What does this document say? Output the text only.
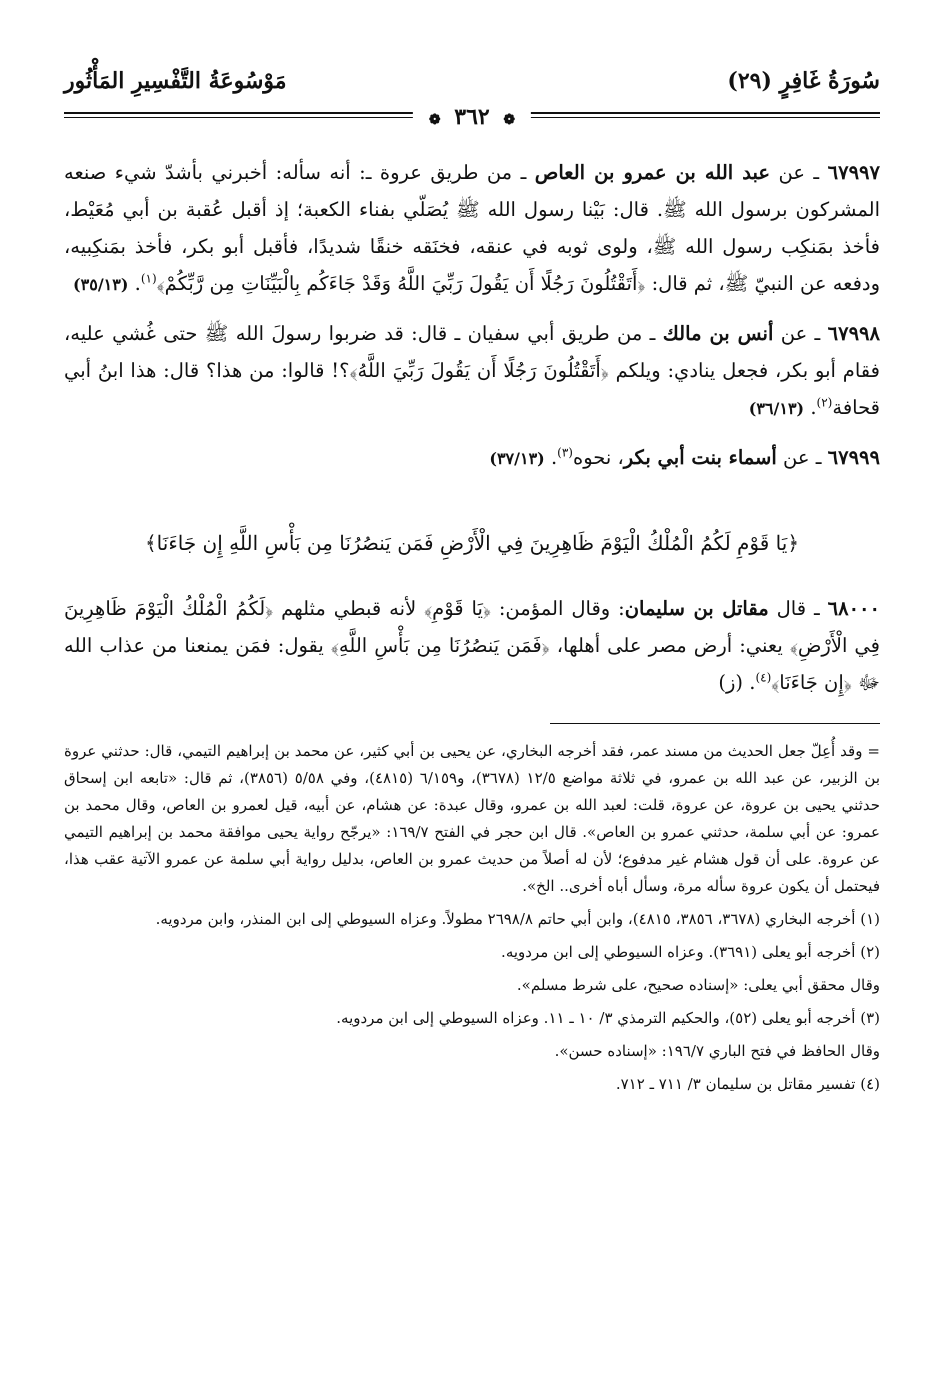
سُورَةُ غَافِرٍ (٢٩)
مَوْسُوعَةُ التَّفْسِيرِ المَأْثُور
❁ ٣٦٢ ❁

٦٧٩٩٧ ـ عن عبد الله بن عمرو بن العاص ـ من طريق عروة ـ: أنه سأله: أخبرني بأشدّ شيء صنعه المشركون برسول الله ﷺ. قال: بَيْنا رسول الله ﷺ يُصَلّي بفناء الكعبة؛ إذ أقبل عُقبة بن أبي مُعَيْط، فأخذ بمَنكِب رسول الله ﷺ، ولوى ثوبه في عنقه، فخنَقه خنقًا شديدًا، فأقبل أبو بكر، فأخذ بمَنكِبيه، ودفعه عن النبيّ ﷺ، ثم قال: ﴿أَتَقْتُلُونَ رَجُلًا أَن يَقُولَ رَبِّيَ اللَّهُ وَقَدْ جَاءَكُم بِالْبَيِّنَاتِ مِن رَّبِّكُمْ﴾$^{(١)}$. (٣٥/١٣)

٦٧٩٩٨ ـ عن أنس بن مالك ـ من طريق أبي سفيان ـ قال: قد ضربوا رسولَ الله ﷺ حتى غُشي عليه، فقام أبو بكر، فجعل ينادي: ويلكم ﴿أَتَقْتُلُونَ رَجُلًا أَن يَقُولَ رَبِّيَ اللَّهُ﴾؟! قالوا: من هذا؟ قال: هذا ابنُ أبي قحافة$^{(٢)}$. (٣٦/١٣)

٦٧٩٩٩ ـ عن أسماء بنت أبي بكر، نحوه$^{(٣)}$. (٣٧/١٣)

﴿يَا قَوْمِ لَكُمُ الْمُلْكُ الْيَوْمَ ظَاهِرِينَ فِي الْأَرْضِ فَمَن يَنصُرُنَا مِن بَأْسِ اللَّهِ إِن جَاءَنَا﴾

٦٨٠٠٠ ـ قال مقاتل بن سليمان: وقال المؤمن: ﴿يَا قَوْمِ﴾ لأنه قبطي مثلهم ﴿لَكُمُ الْمُلْكُ الْيَوْمَ ظَاهِرِينَ فِي الْأَرْضِ﴾ يعني: أرض مصر على أهلها، ﴿فَمَن يَنصُرُنَا مِن بَأْسِ اللَّهِ﴾ يقول: فمَن يمنعنا من عذاب الله ﷻ ﴿إِن جَاءَنَا﴾$^{(٤)}$. (ز)

= وقد أُعِلّ جعل الحديث من مسند عمر، فقد أخرجه البخاري، عن يحيى بن أبي كثير، عن محمد بن إبراهيم التيمي، قال: حدثني عروة بن الزبير، عن عبد الله بن عمرو، في ثلاثة مواضع ١٢/٥ (٣٦٧٨)، و٦/١٥٩ (٤٨١٥)، وفي ٥/٥٨ (٣٨٥٦)، ثم قال: «تابعه ابن إسحاق حدثني يحيى بن عروة، عن عروة، قلت: لعبد الله بن عمرو، وقال عبدة: عن هشام، عن أبيه، قيل لعمرو بن العاص، وقال محمد بن عمرو: عن أبي سلمة، حدثني عمرو بن العاص». قال ابن حجر في الفتح ١٦٩/٧: «يرجّح رواية يحيى موافقة محمد بن إبراهيم التيمي عن عروة. على أن قول هشام غير مدفوع؛ لأن له أصلاً من حديث عمرو بن العاص، بدليل رواية أبي سلمة عن عمرو الآتية عقب هذا، فيحتمل أن يكون عروة سأله مرة، وسأل أباه أخرى.. الخ».

(١) أخرجه البخاري (٣٦٧٨، ٣٨٥٦، ٤٨١٥)، وابن أبي حاتم ٢٦٩٨/٨ مطولاً. وعزاه السيوطي إلى ابن المنذر، وابن مردويه.

(٢) أخرجه أبو يعلى (٣٦٩١). وعزاه السيوطي إلى ابن مردويه.

وقال محقق أبي يعلى: «إسناده صحيح، على شرط مسلم».

(٣) أخرجه أبو يعلى (٥٢)، والحكيم الترمذي ٣/ ١٠ ـ ١١. وعزاه السيوطي إلى ابن مردويه.

وقال الحافظ في فتح الباري ١٩٦/٧: «إسناده حسن».

(٤) تفسير مقاتل بن سليمان ٣/ ٧١١ ـ ٧١٢.
